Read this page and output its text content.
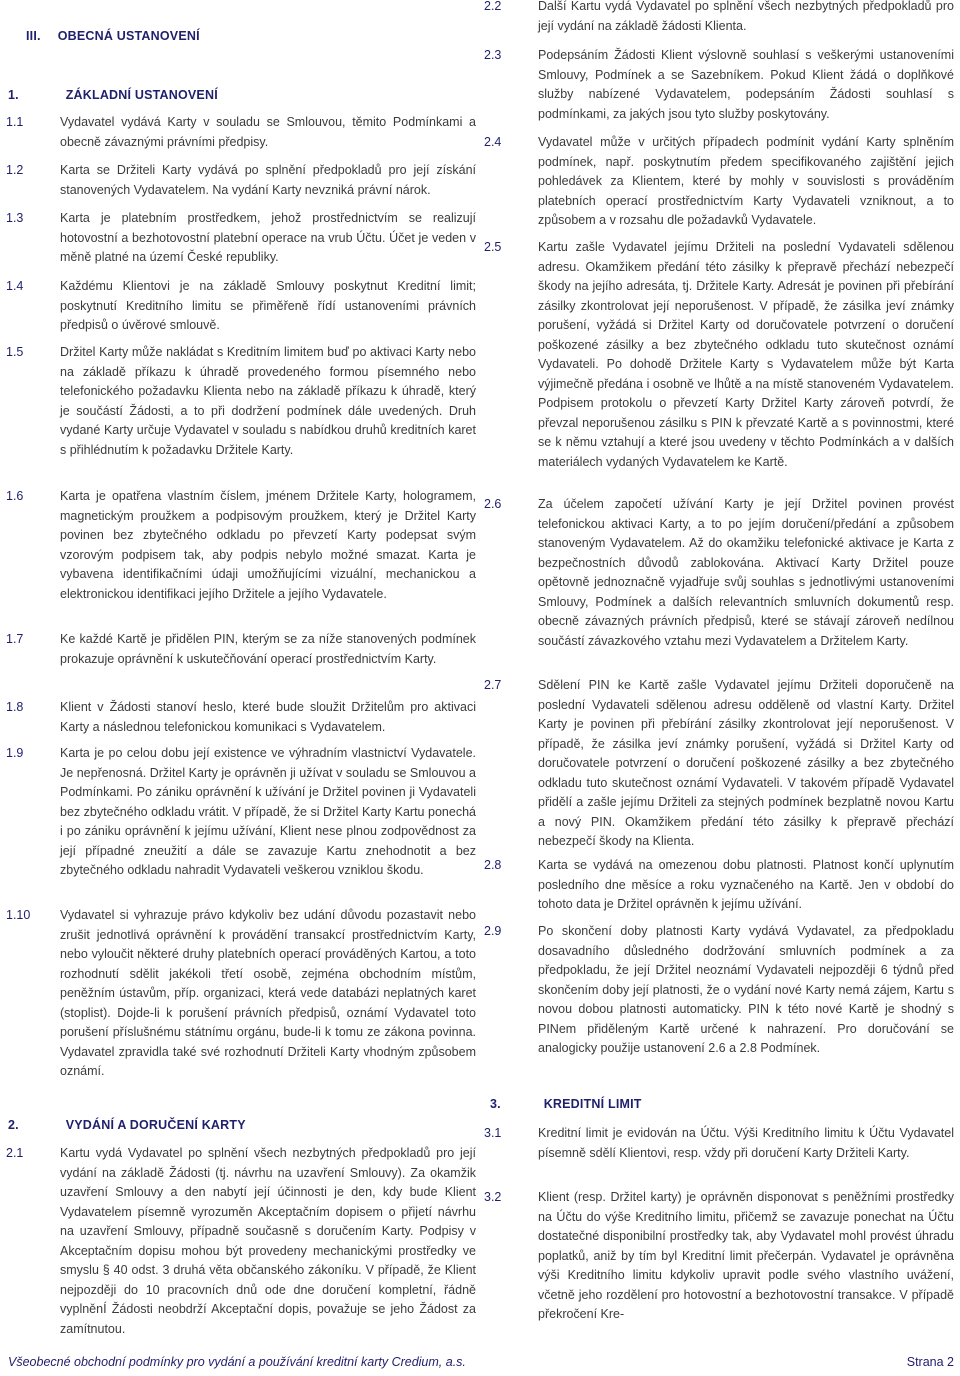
III. OBECNÁ USTANOVENÍ
1.	ZÁKLADNÍ USTANOVENÍ
1.1	Vydavatel vydává Karty v souladu se Smlouvou, těmito Podmínkami a obecně závaznými právními předpisy.
1.2	Karta se Držiteli Karty vydává po splnění předpokladů pro její získání stanovených Vydavatelem. Na vydání Karty nevzniká právní nárok.
1.3	Karta je platebním prostředkem, jehož prostřednictvím se realizují hotovostní a bezhotovostní platební operace na vrub Účtu. Účet je veden v měně platné na území České republiky.
1.4	Každému Klientovi je na základě Smlouvy poskytnut Kreditní limit; poskytnutí Kreditního limitu se přiměřeně řídí ustanoveními právních předpisů o úvěrové smlouvě.
1.5	Držitel Karty může nakládat s Kreditním limitem buď po aktivaci Karty nebo na základě příkazu k úhradě provedeného formou písemného nebo telefonického požadavku Klienta nebo na základě příkazu k úhradě, který je součástí Žádosti, a to při dodržení podmínek dále uvedených. Druh vydané Karty určuje Vydavatel v souladu s nabídkou druhů kreditních karet s přihlédnutím k požadavku Držitele Karty.
1.6	Karta je opatřena vlastním číslem, jménem Držitele Karty, hologramem, magnetickým proužkem a podpisovým proužkem, který je Držitel Karty povinen bez zbytečného odkladu po převzetí Karty podepsat svým vzorovým podpisem tak, aby podpis nebylo možné smazat. Karta je vybavena identifikačními údaji umožňujícími vizuální, mechanickou a elektronickou identifikaci jejího Držitele a jejího Vydavatele.
1.7	Ke každé Kartě je přidělen PIN, kterým se za níže stanovených podmínek prokazuje oprávnění k uskutečňování operací prostřednictvím Karty.
1.8	Klient v Žádosti stanoví heslo, které bude sloužit Držitelům pro aktivaci Karty a následnou telefonickou komunikaci s Vydavatelem.
1.9	Karta je po celou dobu její existence ve výhradním vlastnictví Vydavatele. Je nepřenosná. Držitel Karty je oprávněn ji užívat v souladu se Smlouvou a Podmínkami. Po zániku oprávnění k užívání je Držitel povinen ji Vydavateli bez zbytečného odkladu vrátit. V případě, že si Držitel Karty Kartu ponechá i po zániku oprávnění k jejímu užívání, Klient nese plnou zodpovědnost za její případné zneužití a dále se zavazuje Kartu znehodnotit a bez zbytečného odkladu nahradit Vydavateli veškerou vzniklou škodu.
1.10 Vydavatel si vyhrazuje právo kdykoliv bez udání důvodu pozastavit nebo zrušit jednotlivá oprávnění k provádění transakcí prostřednictvím Karty, nebo vyloučit některé druhy platebních operací prováděných Kartou, a toto rozhodnutí sdělit jakékoli třetí osobě, zejména obchodním místům, peněžním ústavům, příp. organizaci, která vede databázi neplatných karet (stoplist). Dojde-li k porušení právních předpisů, oznámí Vydavatel toto porušení příslušnému státnímu orgánu, bude-li k tomu ze zákona povinna. Vydavatel zpravidla také své rozhodnutí Držiteli Karty vhodným způsobem oznámí.
2.	VYDÁNÍ A DORUČENÍ KARTY
2.1	Kartu vydá Vydavatel po splnění všech nezbytných předpokladů pro její vydání na základě Žádosti (tj. návrhu na uzavření Smlouvy). Za okamžik uzavření Smlouvy a den nabytí její účinnosti je den, kdy bude Klient Vydavatelem písemně vyrozuměn Akceptačním dopisem o přijetí návrhu na uzavření Smlouvy, případně současně s doručením Karty. Podpisy v Akceptačním dopisu mohou být provedeny mechanickými prostředky ve smyslu § 40 odst. 3 druhá věta občanského zákoníku. V případě, že Klient nejpozději do 10 pracovních dnů ode dne doručení kompletní, řádně vyplněnÍ Žádosti neobdrží Akceptační dopis, považuje se jeho Žádost za zamítnutou.
2.2	Další Kartu vydá Vydavatel po splnění všech nezbytných předpokladů pro její vydání na základě žádosti Klienta.
2.3	Podepsáním Žádosti Klient výslovně souhlasí s veškerými ustanoveními Smlouvy, Podmínek a se Sazebníkem. Pokud Klient žádá o doplňkové služby nabízené Vydavatelem, podepsáním Žádosti souhlasí s podmínkami, za jakých jsou tyto služby poskytovány.
2.4	Vydavatel může v určitých případech podmínit vydání Karty splněním podmínek, např. poskytnutím předem specifikovaného zajištění jejich pohledávek za Klientem, které by mohly v souvislosti s prováděním platebních operací prostřednictvím Karty Vydavateli vzniknout, a to způsobem a v rozsahu dle požadavků Vydavatele.
2.5	Kartu zašle Vydavatel jejímu Držiteli na poslední Vydavateli sdělenou adresu. Okamžikem předání této zásilky k přepravě přechází nebezpečí škody na jejího adresáta, tj. Držitele Karty. Adresát je povinen při přebírání zásilky zkontrolovat její neporušenost. V případě, že zásilka jeví známky porušení, vyžádá si Držitel Karty od doručovatele potvrzení o doručení poškozené zásilky a bez zbytečného odkladu tuto skutečnost oznámí Vydavateli. Po dohodě Držitele Karty s Vydavatelem může být Karta výjimečně předána i osobně ve lhůtě a na místě stanoveném Vydavatelem. Podpisem protokolu o převzetí Karty Držitel Karty zároveň potvrdí, že převzal neporušenou zásilku s PIN k převzaté Kartě a s povinnostmi, které se k němu vztahují a které jsou uvedeny v těchto Podmínkách a v dalších materiálech vydaných Vydavatelem ke Kartě.
2.6	Za účelem započetí užívání Karty je její Držitel povinen provést telefonickou aktivaci Karty, a to po jejím doručení/předání a způsobem stanoveným Vydavatelem. Až do okamžiku telefonické aktivace je Karta z bezpečnostních důvodů zablokována. Aktivací Karty Držitel pouze opětovně jednoznačně vyjadřuje svůj souhlas s jednotlivými ustanoveními Smlouvy, Podmínek a dalších relevantních smluvních dokumentů resp. obecně závazných právních předpisů, které se stávají zároveň nedílnou součástí závazkového vztahu mezi Vydavatelem a Držitelem Karty.
2.7	Sdělení PIN ke Kartě zašle Vydavatel jejímu Držiteli doporučeně na poslední Vydavateli sdělenou adresu odděleně od vlastní Karty. Držitel Karty je povinen při přebírání zásilky zkontrolovat její neporušenost. V případě, že zásilka jeví známky porušení, vyžádá si Držitel Karty od doručovatele potvrzení o doručení poškozené zásilky a bez zbytečného odkladu tuto skutečnost oznámí Vydavateli. V takovém případě Vydavatel přidělí a zašle jejímu Držiteli za stejných podmínek bezplatně novou Kartu a nový PIN. Okamžikem předání této zásilky k přepravě přechází nebezpečí škody na Klienta.
2.8	Karta se vydává na omezenou dobu platnosti. Platnost končí uplynutím posledního dne měsíce a roku vyznačeného na Kartě. Jen v období do tohoto data je Držitel oprávněn k jejímu užívání.
2.9	Po skončení doby platnosti Karty vydává Vydavatel, za předpokladu dosavadního důsledného dodržování smluvních podmínek a za předpokladu, že její Držitel neoznámí Vydavateli nejpozději 6 týdnů před skončením doby její platnosti, že o vydání nové Karty nemá zájem, Kartu s novou dobou platnosti automaticky. PIN k této nové Kartě je shodný s PINem přiděleným Kartě určené k nahrazení. Pro doručování se analogicky použije ustanovení 2.6 a 2.8 Podmínek.
3.	KREDITNÍ LIMIT
3.1	Kreditní limit je evidován na Účtu. Výši Kreditního limitu k Účtu Vydavatel písemně sdělí Klientovi, resp. vždy při doručení Karty Držiteli Karty.
3.2	Klient (resp. Držitel karty) je oprávněn disponovat s peněžními prostředky na Účtu do výše Kreditního limitu, přičemž se zavazuje ponechat na Účtu dostatečné disponibilní prostředky tak, aby Vydavatel mohl provést úhradu poplatků, aniž by tím byl Kreditní limit přečerpán. Vydavatel je oprávněna výši Kreditního limitu kdykoliv upravit podle svého vlastního uvážení, včetně jeho rozdělení pro hotovostní a bezhotovostní transakce. V případě překročení Kre-
Všeobecné obchodní podmínky pro vydání a používání kreditní karty Credium, a.s.	Strana 2
